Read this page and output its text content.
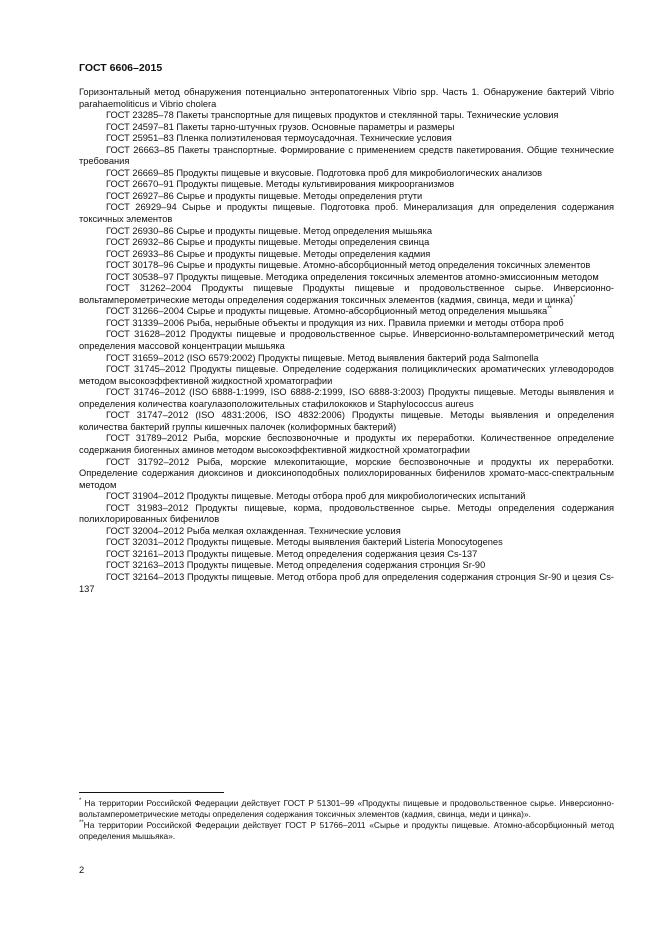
ГОСТ 6606–2015

Горизонтальный метод обнаружения потенциально энтеропатогенных Vibrio spp. Часть 1. Обнаружение бактерий Vibrio parahaemoliticus и Vibrio cholera

ГОСТ 23285–78 Пакеты транспортные для пищевых продуктов и стеклянной тары. Технические условия

ГОСТ 24597–81 Пакеты тарно-штучных грузов. Основные параметры и размеры

ГОСТ 25951–83 Пленка полиэтиленовая термоусадочная. Технические условия

ГОСТ 26663–85 Пакеты транспортные. Формирование с применением средств пакетирования. Общие технические требования

ГОСТ 26669–85 Продукты пищевые и вкусовые. Подготовка проб для микробиологических анализов

ГОСТ 26670–91 Продукты пищевые. Методы культивирования микроорганизмов

ГОСТ 26927–86 Сырье и продукты пищевые. Методы определения ртути

ГОСТ 26929–94 Сырье и продукты пищевые. Подготовка проб. Минерализация для определения содержания токсичных элементов

ГОСТ 26930–86 Сырье и продукты пищевые. Метод определения мышьяка

ГОСТ 26932–86 Сырье и продукты пищевые. Методы определения свинца

ГОСТ 26933–86 Сырье и продукты пищевые. Методы определения кадмия

ГОСТ 30178–96 Сырье и продукты пищевые. Атомно-абсорбционный метод определения токсичных элементов

ГОСТ 30538–97 Продукты пищевые. Методика определения токсичных элементов атомно-эмиссионным методом

ГОСТ 31262–2004 Продукты пищевые Продукты пищевые и продовольственное сырье. Инверсионно-вольтамперометрические методы определения содержания токсичных элементов (кадмия, свинца, меди и цинка)*

ГОСТ 31266–2004 Сырье и продукты пищевые. Атомно-абсорбционный метод определения мышьяка**

ГОСТ 31339–2006 Рыба, нерыбные объекты и продукция из них. Правила приемки и методы отбора проб

ГОСТ 31628–2012 Продукты пищевые и продовольственное сырье. Инверсионно-вольтамперометрический метод определения массовой концентрации мышьяка

ГОСТ 31659–2012 (ISO 6579:2002) Продукты пищевые. Метод выявления бактерий рода Salmonella

ГОСТ 31745–2012 Продукты пищевые. Определение содержания полициклических ароматических углеводородов методом высокоэффективной жидкостной хроматографии

ГОСТ 31746–2012 (ISO 6888-1:1999, ISO 6888-2:1999, ISO 6888-3:2003) Продукты пищевые. Методы выявления и определения количества коагулазоположительных стафилококков и Staphylococcus aureus

ГОСТ 31747–2012 (ISO 4831:2006, ISO 4832:2006) Продукты пищевые. Методы выявления и определения количества бактерий группы кишечных палочек (колиформных бактерий)

ГОСТ 31789–2012 Рыба, морские беспозвоночные и продукты их переработки. Количественное определение содержания биогенных аминов методом высокоэффективной жидкостной хроматографии

ГОСТ 31792–2012 Рыба, морские млекопитающие, морские беспозвоночные и продукты их переработки. Определение содержания диоксинов и диоксиноподобных полихлорированных бифенилов хромато-масс-спектральным методом

ГОСТ 31904–2012 Продукты пищевые. Методы отбора проб для микробиологических испытаний

ГОСТ 31983–2012 Продукты пищевые, корма, продовольственное сырье. Методы определения содержания полихлорированных бифенилов

ГОСТ 32004–2012 Рыба мелкая охлажденная. Технические условия

ГОСТ 32031–2012 Продукты пищевые. Методы выявления бактерий Listeria Monocytogenes

ГОСТ 32161–2013 Продукты пищевые. Метод определения содержания цезия Cs-137

ГОСТ 32163–2013 Продукты пищевые. Метод определения содержания стронция Sr-90

ГОСТ 32164–2013 Продукты пищевые. Метод отбора проб для определения содержания стронция Sr-90 и цезия Cs-137

* На территории Российской Федерации действует ГОСТ Р 51301–99 «Продукты пищевые и продовольственное сырье. Инверсионно-вольтамперометрические методы определения содержания токсичных элементов (кадмия, свинца, меди и цинка)».

**На территории Российской Федерации действует ГОСТ Р 51766–2011 «Сырье и продукты пищевые. Атомно-абсорбционный метод определения мышьяка».

2
